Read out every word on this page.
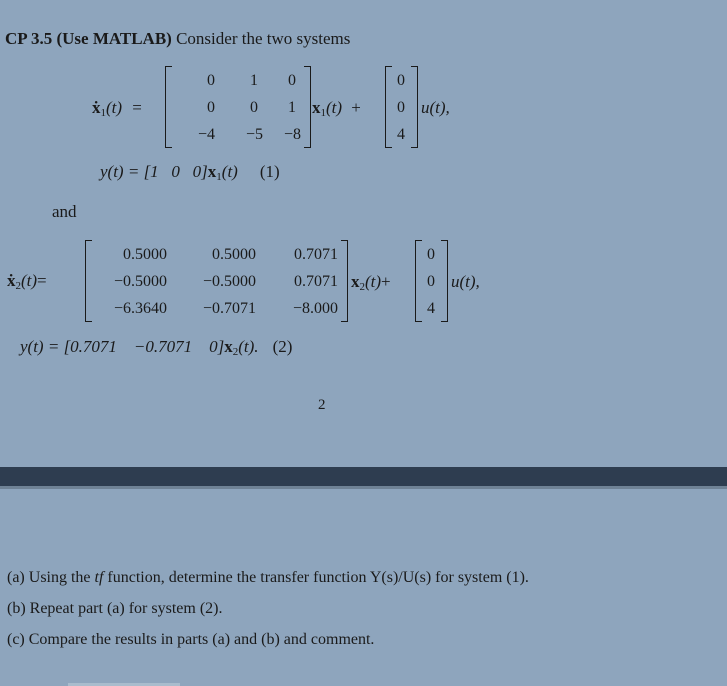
CP 3.5 (Use MATLAB) Consider the two systems
ẋ$_1$(t) =
0	1	0
0	0	1
−4	−5	−8
$x_1(t)$ +
0
0
4
u(t),
y(t) = [1   0   $0]x_1(t)$ (1)
and
ẋ$_2$(t)=
0.5000	0.5000	0.7071
−0.5000	−0.5000	0.7071
−6.3640	−0.7071	−8.000
$x_2(t)+$
0
0
4
u(t),
y(t) = [0.7071    −0.7071    $0]x_2(t)$. (2)
2
(a) Using the tf function, determine the transfer function Y(s)/U(s) for system (1).
(b) Repeat part (a) for system (2).
(c) Compare the results in parts (a) and (b) and comment.
